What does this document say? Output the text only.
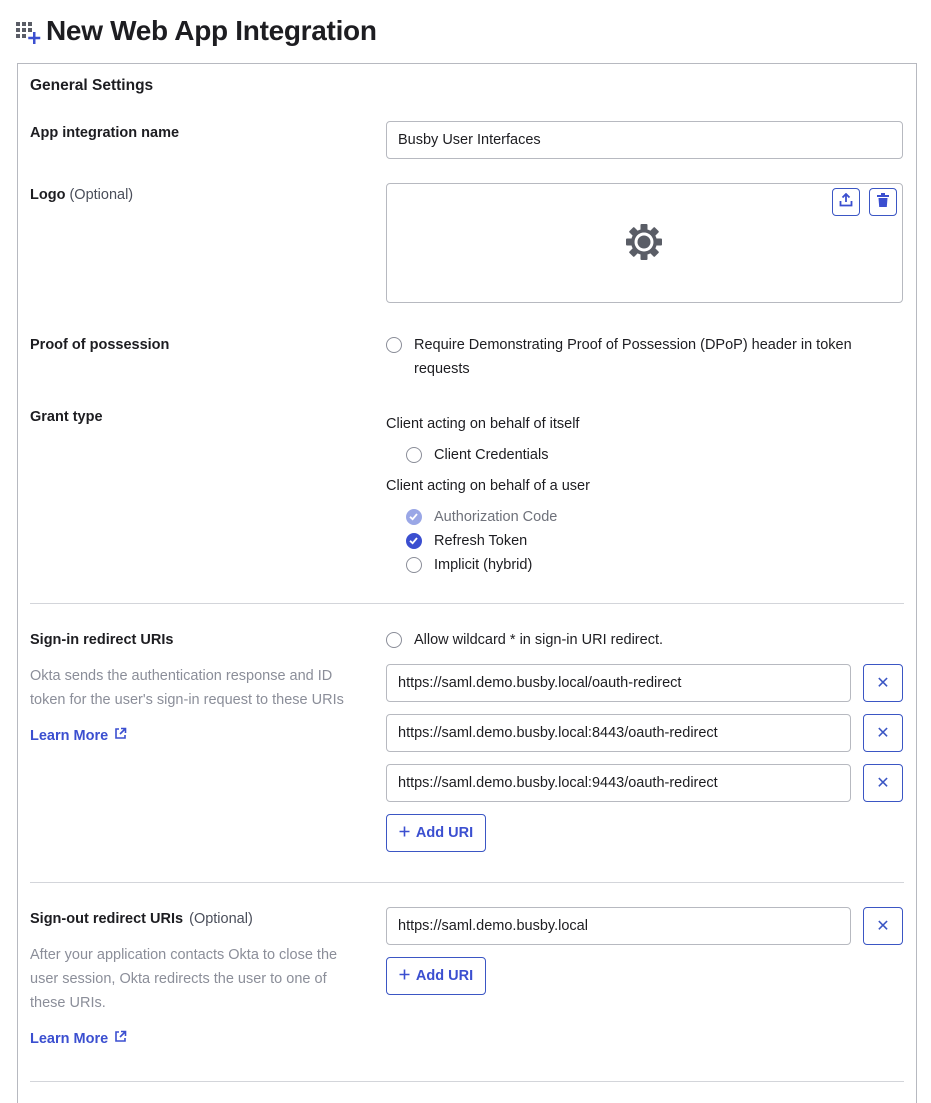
New Web App Integration
General Settings
App integration name	Busby User Interfaces
Logo (Optional)
Proof of possession	Require Demonstrating Proof of Possession (DPoP) header in token
requests
Grant type	Client acting on behalf of itself
Client Credentials
Client acting on behalf of a user
Authorization Code
Refresh Token
Implicit (hybrid)
Sign-in redirect URIs	Allow wildcard * in sign-in URI redirect.
Okta sends the authentication response and ID
token for the user's sign-in request to these URIs
Learn More
https://saml.demo.busby.local/oauth-redirect	✕
https://saml.demo.busby.local:8443/oauth-redirect	✕
https://saml.demo.busby.local:9443/oauth-redirect	✕
Add URI
Sign-out redirect URIs (Optional)
After your application contacts Okta to close the
user session, Okta redirects the user to one of
these URIs.
Learn More
https://saml.demo.busby.local	✕
Add URI
